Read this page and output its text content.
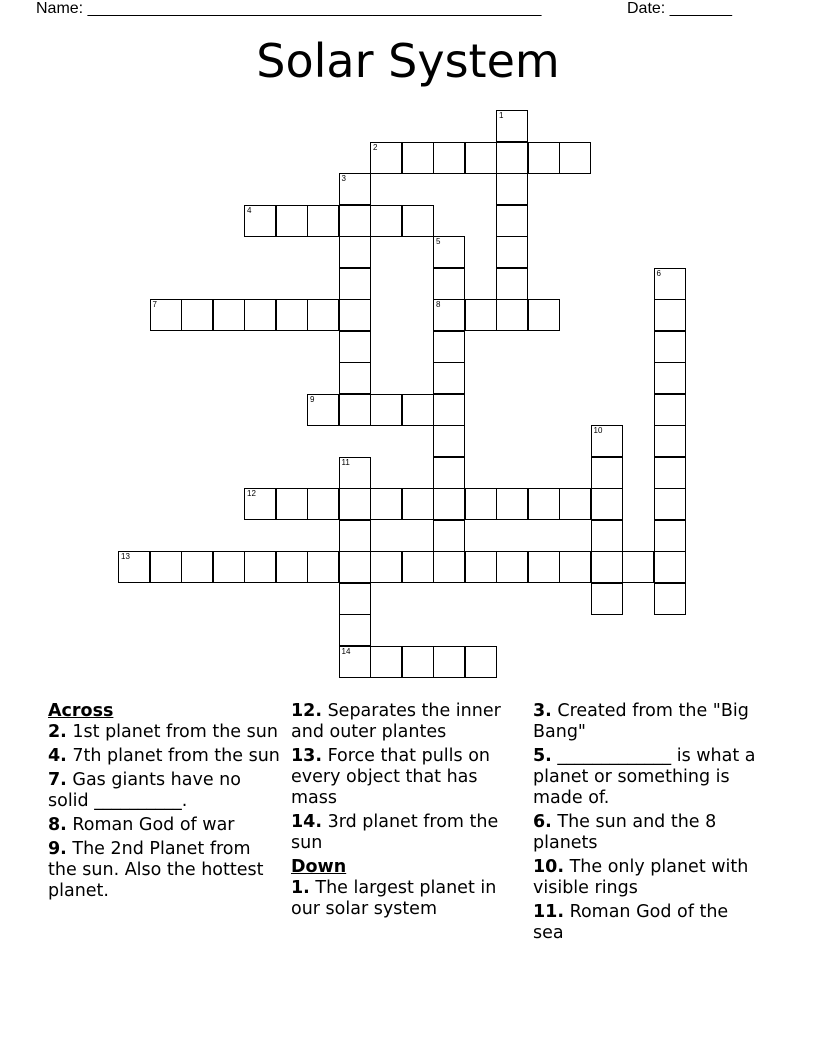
Name: ___________________________________________________	Date: _______
Solar System
1
2
3
4
5
8
6
7
9
10
11
14
12
13
Across
2. 1st planet from the sun
4. 7th planet from the sun
7. Gas giants have no solid __________.
8. Roman God of war
9. The 2nd Planet from the sun. Also the hottest planet.
12. Separates the inner and outer plantes
13. Force that pulls on every object that has mass
14. 3rd planet from the sun
Down
1. The largest planet in our solar system
3. Created from the "Big Bang"
5. _____________ is what a planet or something is made of.
6. The sun and the 8 planets
10. The only planet with visible rings
11. Roman God of the sea
